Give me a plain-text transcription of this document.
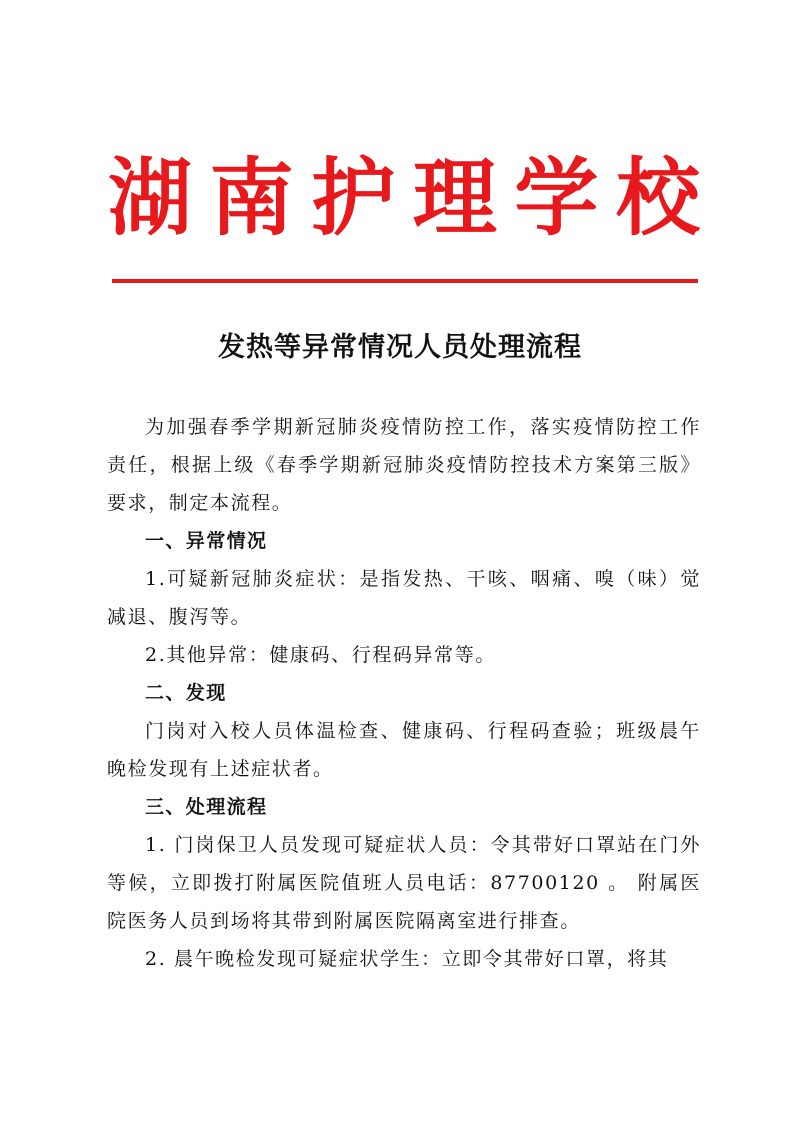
湖 南 护 理 学 校
发热等异常情况人员处理流程

为加强春季学期新冠肺炎疫情防控工作，落实疫情防控工作责任，根据上级《春季学期新冠肺炎疫情防控技术方案第三版》要求，制定本流程。

一、异常情况

1.可疑新冠肺炎症状：是指发热、干咳、咽痛、嗅（味）觉减退、腹泻等。

2.其他异常：健康码、行程码异常等。

二、发现

门岗对入校人员体温检查、健康码、行程码查验；班级晨午晚检发现有上述症状者。

三、处理流程

1. 门岗保卫人员发现可疑症状人员：令其带好口罩站在门外等候，立即拨打附属医院值班人员电话：87700120 。 附属医院医务人员到场将其带到附属医院隔离室进行排查。

2. 晨午晚检发现可疑症状学生：立即令其带好口罩，将其
